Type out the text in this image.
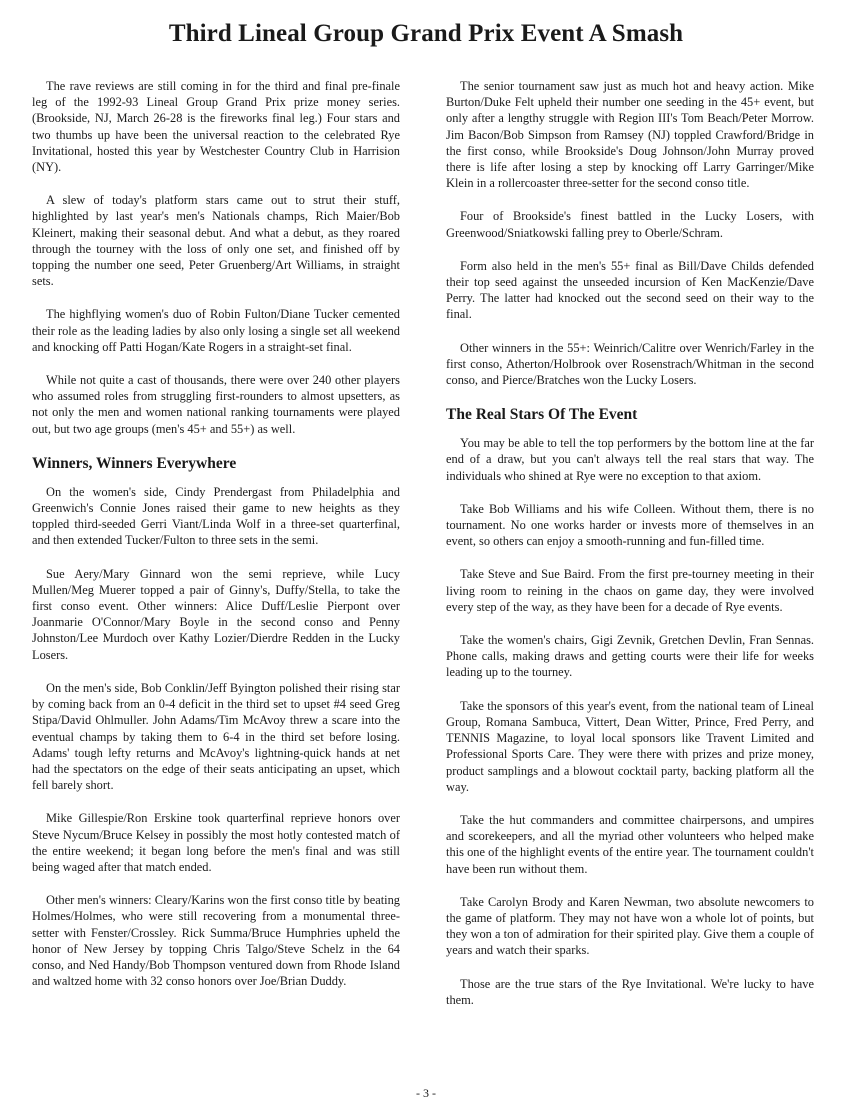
Third Lineal Group Grand Prix Event A Smash

The rave reviews are still coming in for the third and final pre-finale leg of the 1992-93 Lineal Group Grand Prix prize money series. (Brookside, NJ, March 26-28 is the fireworks final leg.) Four stars and two thumbs up have been the universal reaction to the celebrated Rye Invitational, hosted this year by Westchester Country Club in Harrision (NY).

A slew of today's platform stars came out to strut their stuff, highlighted by last year's men's Nationals champs, Rich Maier/Bob Kleinert, making their seasonal debut. And what a debut, as they roared through the tourney with the loss of only one set, and finished off by topping the number one seed, Peter Gruenberg/Art Williams, in straight sets.

The highflying women's duo of Robin Fulton/Diane Tucker cemented their role as the leading ladies by also only losing a single set all weekend and knocking off Patti Hogan/Kate Rogers in a straight-set final.

While not quite a cast of thousands, there were over 240 other players who assumed roles from struggling first-rounders to almost upsetters, as not only the men and women national ranking tournaments were played out, but two age groups (men's 45+ and 55+) as well.

Winners, Winners Everywhere

On the women's side, Cindy Prendergast from Philadelphia and Greenwich's Connie Jones raised their game to new heights as they toppled third-seeded Gerri Viant/Linda Wolf in a three-set quarterfinal, and then extended Tucker/Fulton to three sets in the semi.

Sue Aery/Mary Ginnard won the semi reprieve, while Lucy Mullen/Meg Muerer topped a pair of Ginny's, Duffy/Stella, to take the first conso event. Other winners: Alice Duff/Leslie Pierpont over Joanmarie O'Connor/Mary Boyle in the second conso and Penny Johnston/Lee Murdoch over Kathy Lozier/Dierdre Redden in the Lucky Losers.

On the men's side, Bob Conklin/Jeff Byington polished their rising star by coming back from an 0-4 deficit in the third set to upset #4 seed Greg Stipa/David Ohlmuller. John Adams/Tim McAvoy threw a scare into the eventual champs by taking them to 6-4 in the third set before losing. Adams' tough lefty returns and McAvoy's lightning-quick hands at net had the spectators on the edge of their seats anticipating an upset, which fell barely short.

Mike Gillespie/Ron Erskine took quarterfinal reprieve honors over Steve Nycum/Bruce Kelsey in possibly the most hotly contested match of the entire weekend; it began long before the men's final and was still being waged after that match ended.

Other men's winners: Cleary/Karins won the first conso title by beating Holmes/Holmes, who were still recovering from a monumental three-setter with Fenster/Crossley. Rick Summa/Bruce Humphries upheld the honor of New Jersey by topping Chris Talgo/Steve Schelz in the 64 conso, and Ned Handy/Bob Thompson ventured down from Rhode Island and waltzed home with 32 conso honors over Joe/Brian Duddy.

The senior tournament saw just as much hot and heavy action. Mike Burton/Duke Felt upheld their number one seeding in the 45+ event, but only after a lengthy struggle with Region III's Tom Beach/Peter Morrow. Jim Bacon/Bob Simpson from Ramsey (NJ) toppled Crawford/Bridge in the first conso, while Brookside's Doug Johnson/John Murray proved there is life after losing a step by knocking off Larry Garringer/Mike Klein in a rollercoaster three-setter for the second conso title.

Four of Brookside's finest battled in the Lucky Losers, with Greenwood/Sniatkowski falling prey to Oberle/Schram.

Form also held in the men's 55+ final as Bill/Dave Childs defended their top seed against the unseeded incursion of Ken MacKenzie/Dave Perry. The latter had knocked out the second seed on their way to the final.

Other winners in the 55+: Weinrich/Calitre over Wenrich/Farley in the first conso, Atherton/Holbrook over Rosenstrach/Whitman in the second conso, and Pierce/Bratches won the Lucky Losers.

The Real Stars Of The Event

You may be able to tell the top performers by the bottom line at the far end of a draw, but you can't always tell the real stars that way. The individuals who shined at Rye were no exception to that axiom.

Take Bob Williams and his wife Colleen. Without them, there is no tournament. No one works harder or invests more of themselves in an event, so others can enjoy a smooth-running and fun-filled time.

Take Steve and Sue Baird. From the first pre-tourney meeting in their living room to reining in the chaos on game day, they were involved every step of the way, as they have been for a decade of Rye events.

Take the women's chairs, Gigi Zevnik, Gretchen Devlin, Fran Sennas. Phone calls, making draws and getting courts were their life for weeks leading up to the tourney.

Take the sponsors of this year's event, from the national team of Lineal Group, Romana Sambuca, Vittert, Dean Witter, Prince, Fred Perry, and TENNIS Magazine, to loyal local sponsors like Travent Limited and Professional Sports Care. They were there with prizes and prize money, product samplings and a blowout cocktail party, backing platform all the way.

Take the hut commanders and committee chairpersons, and umpires and scorekeepers, and all the myriad other volunteers who helped make this one of the highlight events of the entire year. The tournament couldn't have been run without them.

Take Carolyn Brody and Karen Newman, two absolute newcomers to the game of platform. They may not have won a whole lot of points, but they won a ton of admiration for their spirited play. Give them a couple of years and watch their sparks.

Those are the true stars of the Rye Invitational. We're lucky to have them.

- 3 -
